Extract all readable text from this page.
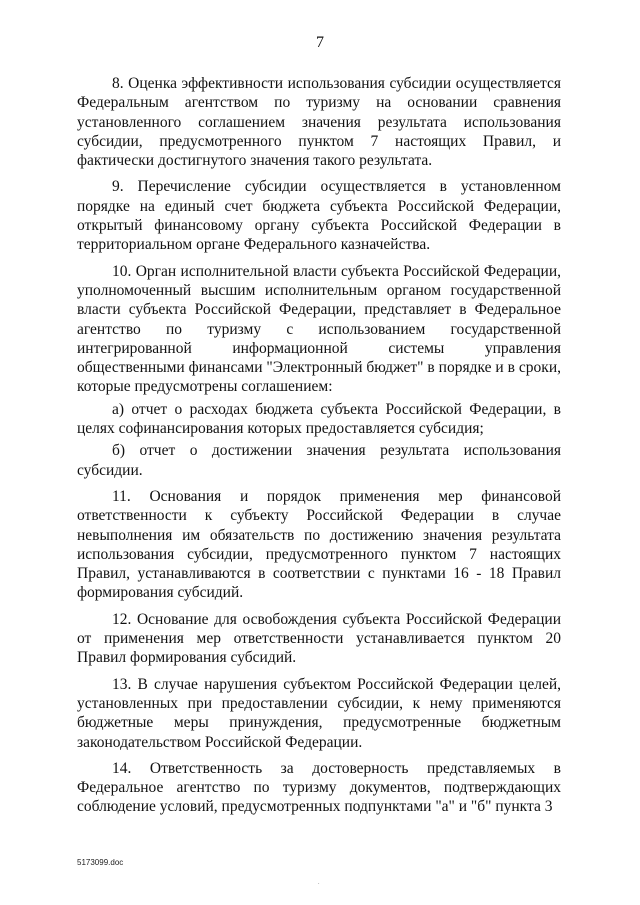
7

8. Оценка эффективности использования субсидии осуществляется Федеральным агентством по туризму на основании сравнения установленного соглашением значения результата использования субсидии, предусмотренного пунктом 7 настоящих Правил, и фактически достигнутого значения такого результата.

9. Перечисление субсидии осуществляется в установленном порядке на единый счет бюджета субъекта Российской Федерации, открытый финансовому органу субъекта Российской Федерации в территориальном органе Федерального казначейства.

10. Орган исполнительной власти субъекта Российской Федерации, уполномоченный высшим исполнительным органом государственной власти субъекта Российской Федерации, представляет в Федеральное агентство по туризму с использованием государственной интегрированной информационной системы управления общественными финансами "Электронный бюджет" в порядке и в сроки, которые предусмотрены соглашением:

а) отчет о расходах бюджета субъекта Российской Федерации, в целях софинансирования которых предоставляется субсидия;

б) отчет о достижении значения результата использования субсидии.

11. Основания и порядок применения мер финансовой ответственности к субъекту Российской Федерации в случае невыполнения им обязательств по достижению значения результата использования субсидии, предусмотренного пунктом 7 настоящих Правил, устанавливаются в соответствии с пунктами 16 - 18 Правил формирования субсидий.

12. Основание для освобождения субъекта Российской Федерации от применения мер ответственности устанавливается пунктом 20 Правил формирования субсидий.

13. В случае нарушения субъектом Российской Федерации целей, установленных при предоставлении субсидии, к нему применяются бюджетные меры принуждения, предусмотренные бюджетным законодательством Российской Федерации.

14. Ответственность за достоверность представляемых в Федеральное агентство по туризму документов, подтверждающих соблюдение условий, предусмотренных подпунктами "а" и "б" пункта 3

5173099.doc
.
